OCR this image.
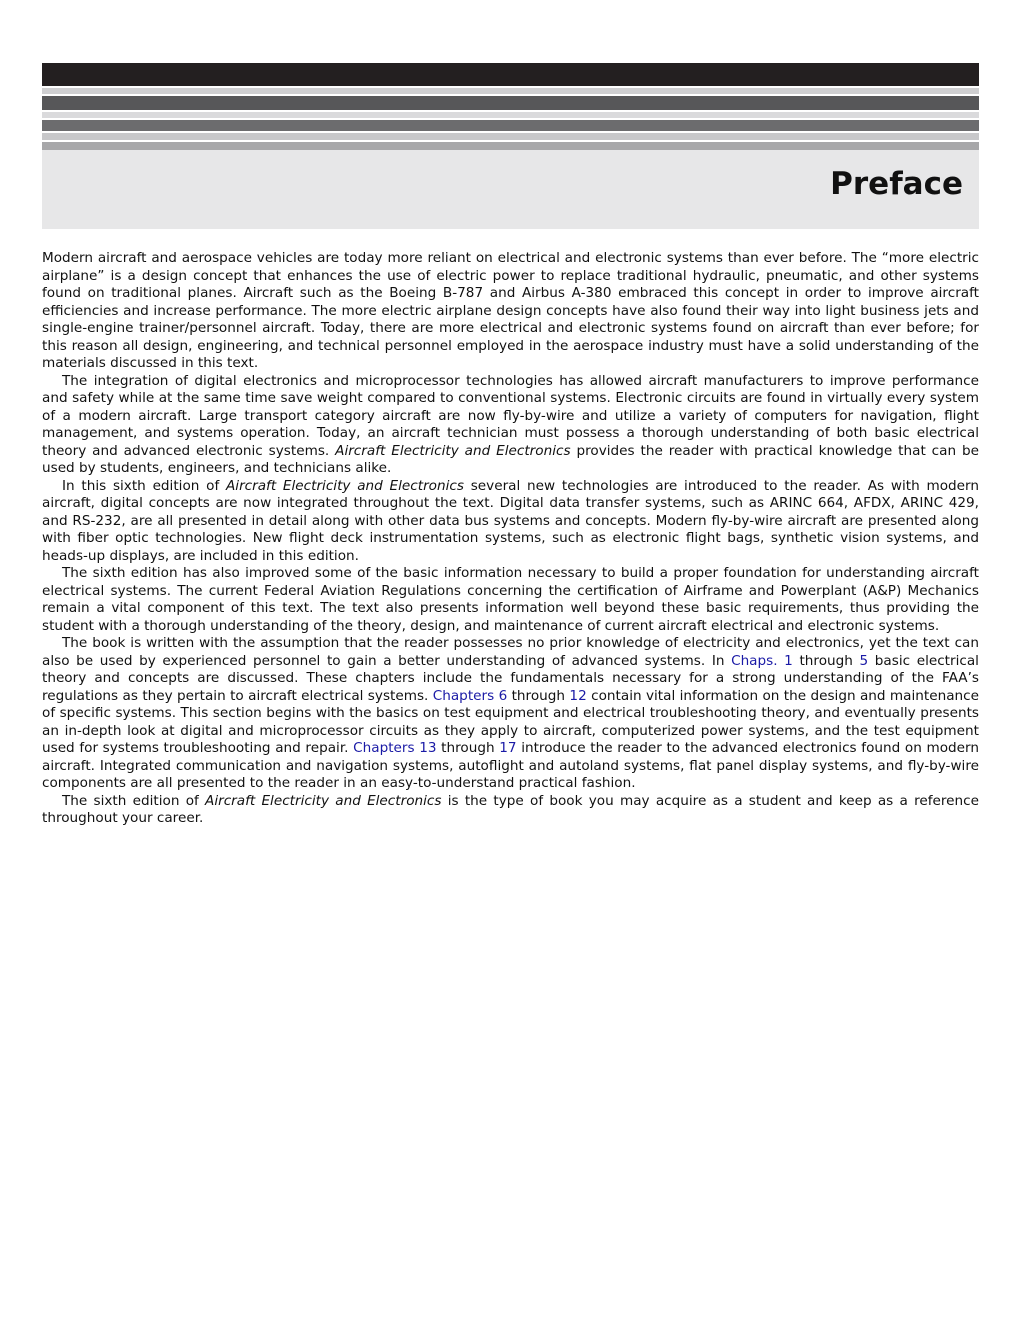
Preface

Modern aircraft and aerospace vehicles are today more reliant on electrical and electronic systems than ever before. The “more electric airplane” is a design concept that enhances the use of electric power to replace traditional hydraulic, pneumatic, and other systems found on traditional planes. Aircraft such as the Boeing B-787 and Airbus A-380 embraced this concept in order to improve aircraft efficiencies and increase performance. The more electric airplane design concepts have also found their way into light business jets and single-engine trainer/personnel aircraft. Today, there are more electrical and electronic systems found on aircraft than ever before; for this reason all design, engineering, and technical personnel employed in the aerospace industry must have a solid understanding of the materials discussed in this text.

The integration of digital electronics and microprocessor technologies has allowed aircraft manufacturers to improve performance and safety while at the same time save weight compared to conventional systems. Electronic circuits are found in virtually every system of a modern aircraft. Large transport category aircraft are now fly-by-wire and utilize a variety of computers for navigation, flight management, and systems operation. Today, an aircraft technician must possess a thorough understanding of both basic electrical theory and advanced electronic systems. Aircraft Electricity and Electronics provides the reader with practical knowledge that can be used by students, engineers, and technicians alike.

In this sixth edition of Aircraft Electricity and Electronics several new technologies are introduced to the reader. As with modern aircraft, digital concepts are now integrated throughout the text. Digital data transfer systems, such as ARINC 664, AFDX, ARINC 429, and RS-232, are all presented in detail along with other data bus systems and concepts. Modern fly-by-wire aircraft are presented along with fiber optic technologies. New flight deck instrumentation systems, such as electronic flight bags, synthetic vision systems, and heads-up displays, are included in this edition.

The sixth edition has also improved some of the basic information necessary to build a proper foundation for understanding aircraft electrical systems. The current Federal Aviation Regulations concerning the certification of Airframe and Powerplant (A&P) Mechanics remain a vital component of this text. The text also presents information well beyond these basic requirements, thus providing the student with a thorough understanding of the theory, design, and maintenance of current aircraft electrical and electronic systems.

The book is written with the assumption that the reader possesses no prior knowledge of electricity and electronics, yet the text can also be used by experienced personnel to gain a better understanding of advanced systems. In Chaps. 1 through 5 basic electrical theory and concepts are discussed. These chapters include the fundamentals necessary for a strong understanding of the FAA’s regulations as they pertain to aircraft electrical systems. Chapters 6 through 12 contain vital information on the design and maintenance of specific systems. This section begins with the basics on test equipment and electrical troubleshooting theory, and eventually presents an in-depth look at digital and microprocessor circuits as they apply to aircraft, computerized power systems, and the test equipment used for systems troubleshooting and repair. Chapters 13 through 17 introduce the reader to the advanced electronics found on modern aircraft. Integrated communication and navigation systems, autoflight and autoland systems, flat panel display systems, and fly-by-wire components are all presented to the reader in an easy-to-understand practical fashion.

The sixth edition of Aircraft Electricity and Electronics is the type of book you may acquire as a student and keep as a reference throughout your career.
